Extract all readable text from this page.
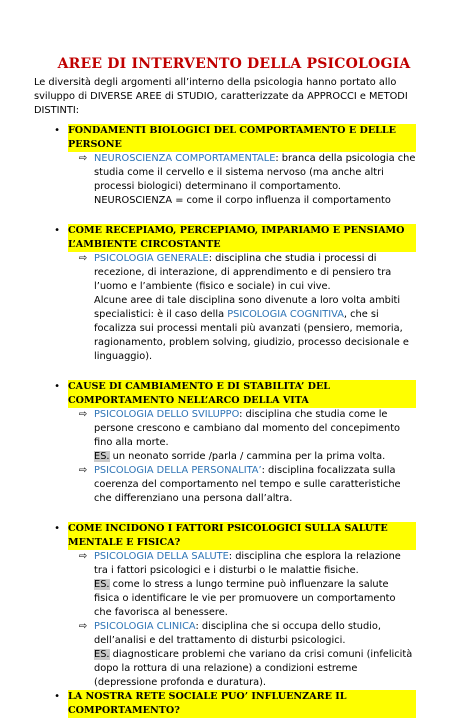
AREE DI INTERVENTO DELLA PSICOLOGIA
Le diversità degli argomenti all’interno della psicologia hanno portato allo sviluppo di DIVERSE AREE di STUDIO, caratterizzate da APPROCCI e METODI DISTINTI:
• FONDAMENTI BIOLOGICI DEL COMPORTAMENTO E DELLE PERSONE
⇨ NEUROSCIENZA COMPORTAMENTALE: branca della psicologia che studia come il cervello e il sistema nervoso (ma anche altri processi biologici) determinano il comportamento. NEUROSCIENZA = come il corpo influenza il comportamento
• COME RECEPIAMO, PERCEPIAMO, IMPARIAMO E PENSIAMO L’AMBIENTE CIRCOSTANTE
⇨ PSICOLOGIA GENERALE: disciplina che studia i processi di recezione, di interazione, di apprendimento e di pensiero tra l’uomo e l’ambiente (fisico e sociale) in cui vive.
Alcune aree di tale disciplina sono divenute a loro volta ambiti specialistici: è il caso della PSICOLOGIA COGNITIVA, che si focalizza sui processi mentali più avanzati (pensiero, memoria, ragionamento, problem solving, giudizio, processo decisionale e linguaggio).
• CAUSE DI CAMBIAMENTO E DI STABILITA’ DEL COMPORTAMENTO NELL’ARCO DELLA VITA
⇨ PSICOLOGIA DELLO SVILUPPO: disciplina che studia come le persone crescono e cambiano dal momento del concepimento fino alla morte.
ES. un neonato sorride /parla / cammina per la prima volta.
⇨ PSICOLOGIA DELLA PERSONALITA’: disciplina focalizzata sulla coerenza del comportamento nel tempo e sulle caratteristiche che differenziano una persona dall’altra.
• COME INCIDONO I FATTORI PSICOLOGICI SULLA SALUTE MENTALE E FISICA?
⇨ PSICOLOGIA DELLA SALUTE: disciplina che esplora la relazione tra i fattori psicologici e i disturbi o le malattie fisiche.
ES. come lo stress a lungo termine può influenzare la salute fisica o identificare le vie per promuovere un comportamento che favorisca al benessere.
⇨ PSICOLOGIA CLINICA: disciplina che si occupa dello studio, dell’analisi e del trattamento di disturbi psicologici.
ES. diagnosticare problemi che variano da crisi comuni (infelicità dopo la rottura di una relazione) a condizioni estreme (depressione profonda e duratura).
• LA NOSTRA RETE SOCIALE PUO’ INFLUENZARE IL COMPORTAMENTO?
